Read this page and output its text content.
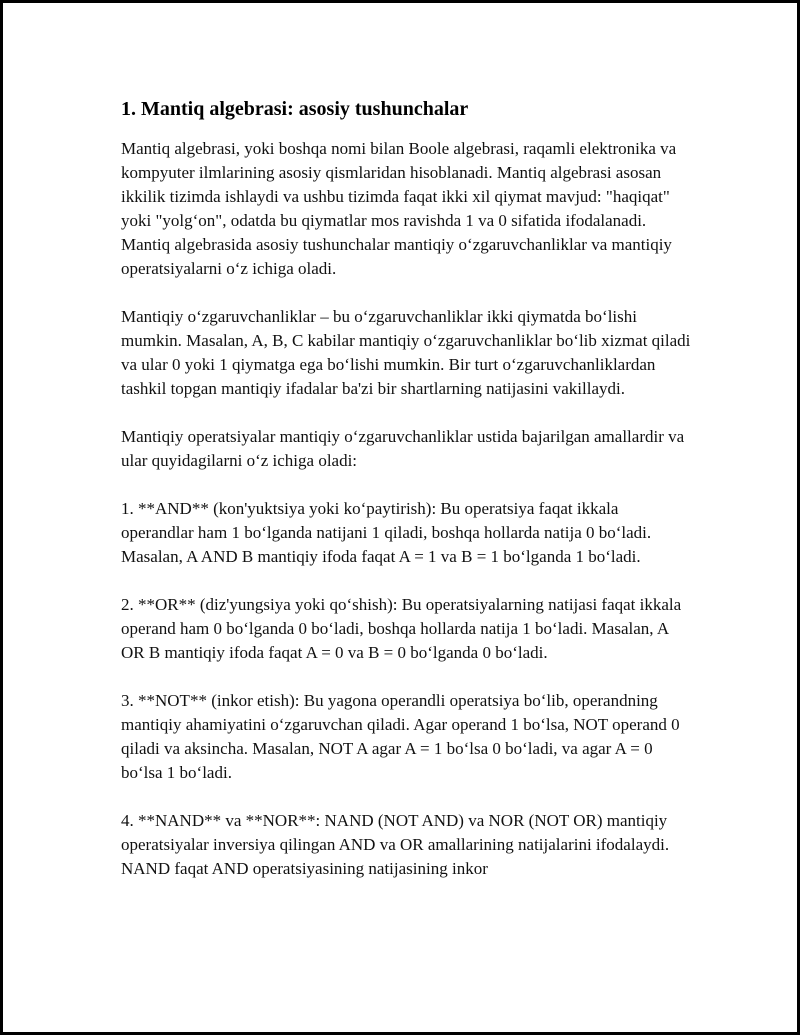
1. Mantiq algebrasi: asosiy tushunchalar

Mantiq algebrasi, yoki boshqa nomi bilan Boole algebrasi, raqamli elektronika va kompyuter ilmlarining asosiy qismlaridan hisoblanadi. Mantiq algebrasi asosan ikkilik tizimda ishlaydi va ushbu tizimda faqat ikki xil qiymat mavjud: "haqiqat" yoki "yolg‘on", odatda bu qiymatlar mos ravishda 1 va 0 sifatida ifodalanadi. Mantiq algebrasida asosiy tushunchalar mantiqiy o‘zgaruvchanliklar va mantiqiy operatsiyalarni o‘z ichiga oladi.

Mantiqiy o‘zgaruvchanliklar – bu o‘zgaruvchanliklar ikki qiymatda bo‘lishi mumkin. Masalan, A, B, C kabilar mantiqiy o‘zgaruvchanliklar bo‘lib xizmat qiladi va ular 0 yoki 1 qiymatga ega bo‘lishi mumkin. Bir turt o‘zgaruvchanliklardan tashkil topgan mantiqiy ifadalar ba'zi bir shartlarning natijasini vakillaydi.

Mantiqiy operatsiyalar mantiqiy o‘zgaruvchanliklar ustida bajarilgan amallardir va ular quyidagilarni o‘z ichiga oladi:

1. **AND** (kon'yuktsiya yoki ko‘paytirish): Bu operatsiya faqat ikkala operandlar ham 1 bo‘lganda natijani 1 qiladi, boshqa hollarda natija 0 bo‘ladi. Masalan, A AND B mantiqiy ifoda faqat A = 1 va B = 1 bo‘lganda 1 bo‘ladi.

2. **OR** (diz'yungsiya yoki qo‘shish): Bu operatsiyalarning natijasi faqat ikkala operand ham 0 bo‘lganda 0 bo‘ladi, boshqa hollarda natija 1 bo‘ladi. Masalan, A OR B mantiqiy ifoda faqat A = 0 va B = 0 bo‘lganda 0 bo‘ladi.

3. **NOT** (inkor etish): Bu yagona operandli operatsiya bo‘lib, operandning mantiqiy ahamiyatini o‘zgaruvchan qiladi. Agar operand 1 bo‘lsa, NOT operand 0 qiladi va aksincha. Masalan, NOT A agar A = 1 bo‘lsa 0 bo‘ladi, va agar A = 0 bo‘lsa 1 bo‘ladi.

4. **NAND** va **NOR**: NAND (NOT AND) va NOR (NOT OR) mantiqiy operatsiyalar inversiya qilingan AND va OR amallarining natijalarini ifodalaydi. NAND faqat AND operatsiyasining natijasining inkor
